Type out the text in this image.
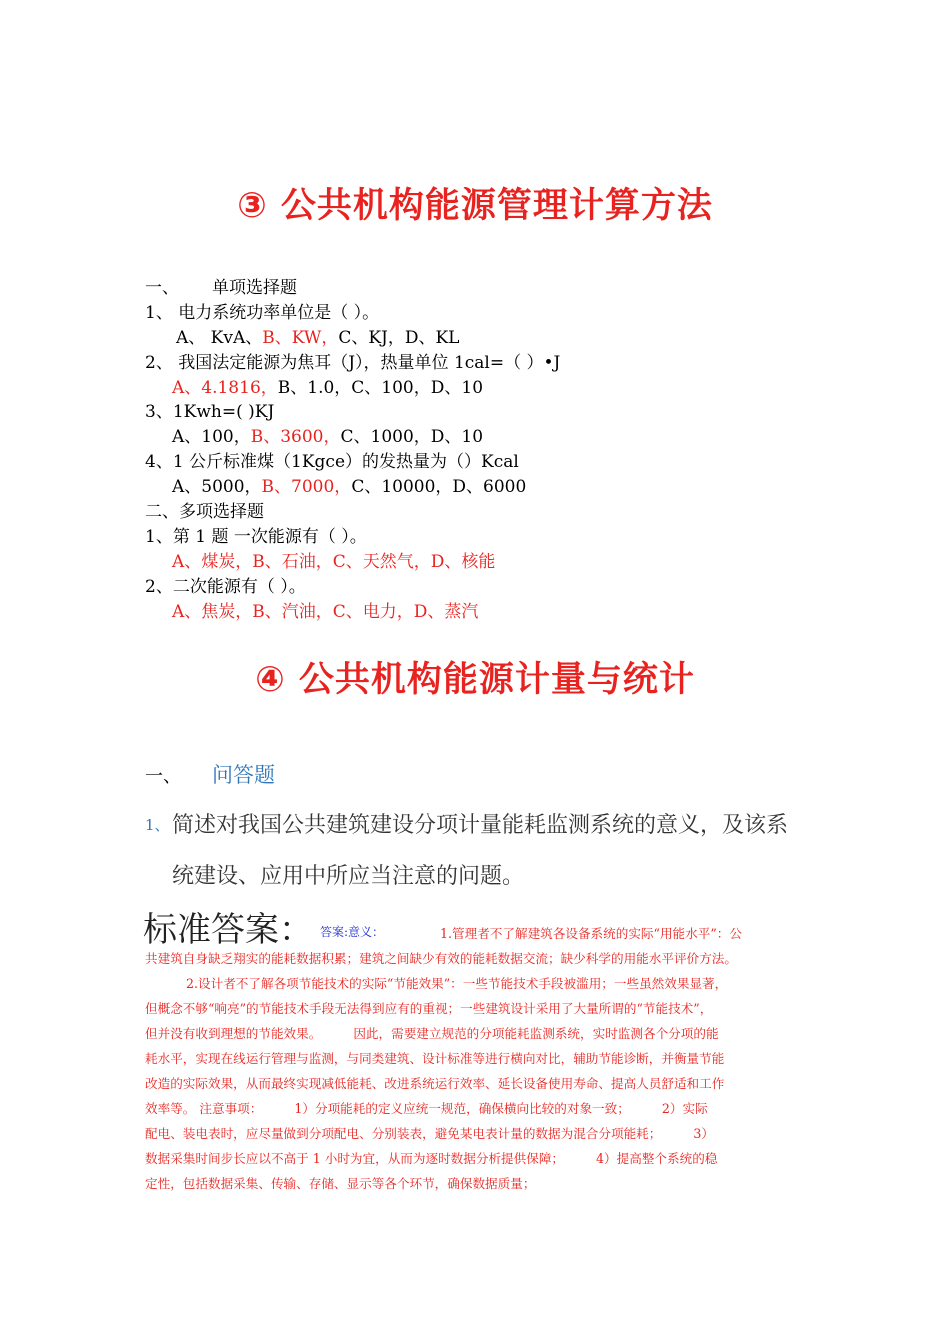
③ 公共机构能源管理计算方法
一、 单项选择题
1、 电力系统功率单位是（ ）。
A、 KvA、B、KW，C、KJ，D、KL
2、 我国法定能源为焦耳（J），热量单位 1cal=（ ）•J
A、4.1816，B、1.0，C、100，D、10
3、1Kwh=( )KJ
A、100，B、3600，C、1000，D、10
4、1 公斤标准煤（1Kgce）的发热量为（）Kcal
A、5000，B、7000，C、10000，D、6000
二、多项选择题
1、第 1 题 一次能源有（ ）。
A、煤炭，B、石油，C、天然气，D、核能
2、二次能源有（ ）。
A、焦炭，B、汽油，C、电力，D、蒸汽
④ 公共机构能源计量与统计
一、 问答题
1、 简述对我国公共建筑建设分项计量能耗监测系统的意义，及该系
统建设、应用中所应当注意的问题。
标准答案： 答案:意义：	1.管理者不了解建筑各设备系统的实际“用能水平”：公
共建筑自身缺乏翔实的能耗数据积累；建筑之间缺少有效的能耗数据交流；缺少科学的用能水平评价方法。
2.设计者不了解各项节能技术的实际“节能效果”：一些节能技术手段被滥用；一些虽然效果显著，
但概念不够“响亮”的节能技术手段无法得到应有的重视；一些建筑设计采用了大量所谓的“节能技术”，
但并没有收到理想的节能效果。        因此，需要建立规范的分项能耗监测系统，实时监测各个分项的能
耗水平，实现在线运行管理与监测，与同类建筑、设计标准等进行横向对比，辅助节能诊断，并衡量节能
改造的实际效果，从而最终实现减低能耗、改进系统运行效率、延长设备使用寿命、提高人员舒适和工作
效率等。 注意事项：        1）分项能耗的定义应统一规范，确保横向比较的对象一致；        2）实际
配电、装电表时，应尽量做到分项配电、分别装表，避免某电表计量的数据为混合分项能耗；        3）
数据采集时间步长应以不高于 1 小时为宜，从而为逐时数据分析提供保障；        4）提高整个系统的稳
定性，包括数据采集、传输、存储、显示等各个环节，确保数据质量；
